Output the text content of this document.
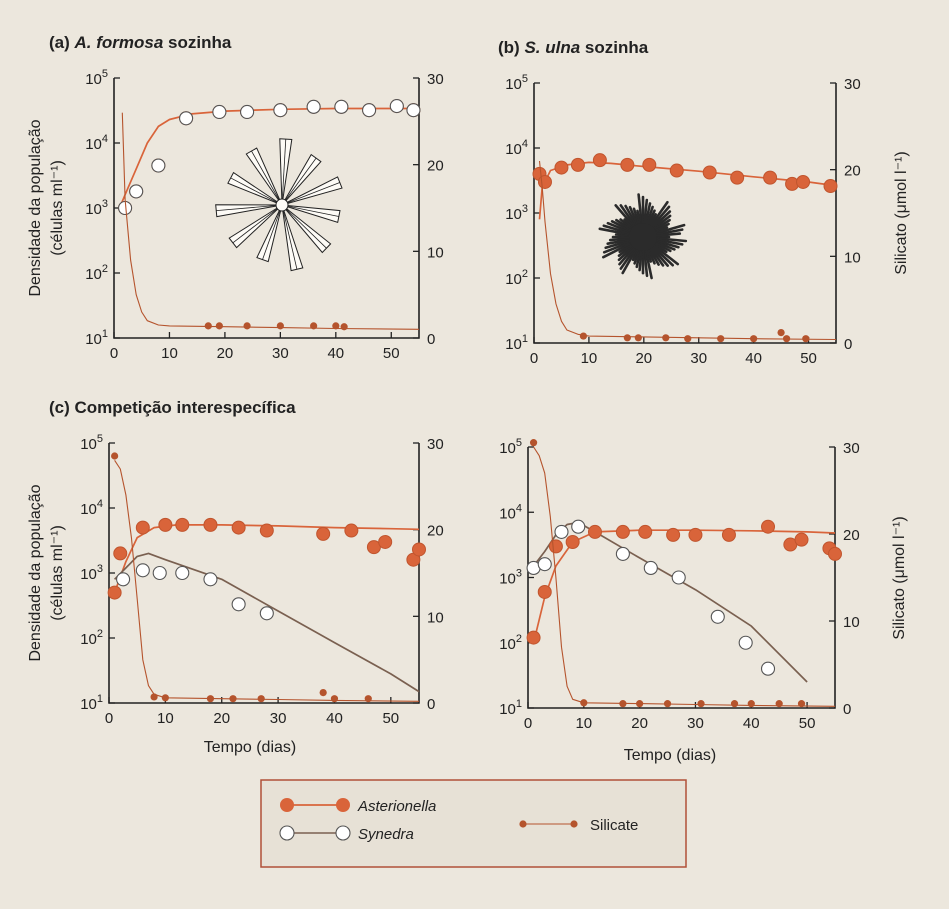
0	10	20	30	40	50
$10^1$
$10^2$
$10^3$
$10^4$
$10^5$
0
10
20
30
(a) A. formosa sozinha
Densidade da população (células ml⁻¹)
0	10	20	30	40	50
$10^1$
$10^2$
$10^3$
$10^4$
$10^5$
0
10
20
30
(b) S. ulna sozinha
Silicato (μmol l⁻¹)
0	10	20	30	40	50
$10^1$
$10^2$
$10^3$
$10^4$
$10^5$
0
10
20
30
(c) Competição interespecífica
Tempo (dias)
Densidade da população (células ml⁻¹)
0	10	20	30	40	50
$10^1$
$10^2$
$10^3$
$10^4$
$10^5$
0
10
20
30
Tempo (dias)
Silicato (μmol l⁻¹)
Asterionella
Synedra
Silicate
